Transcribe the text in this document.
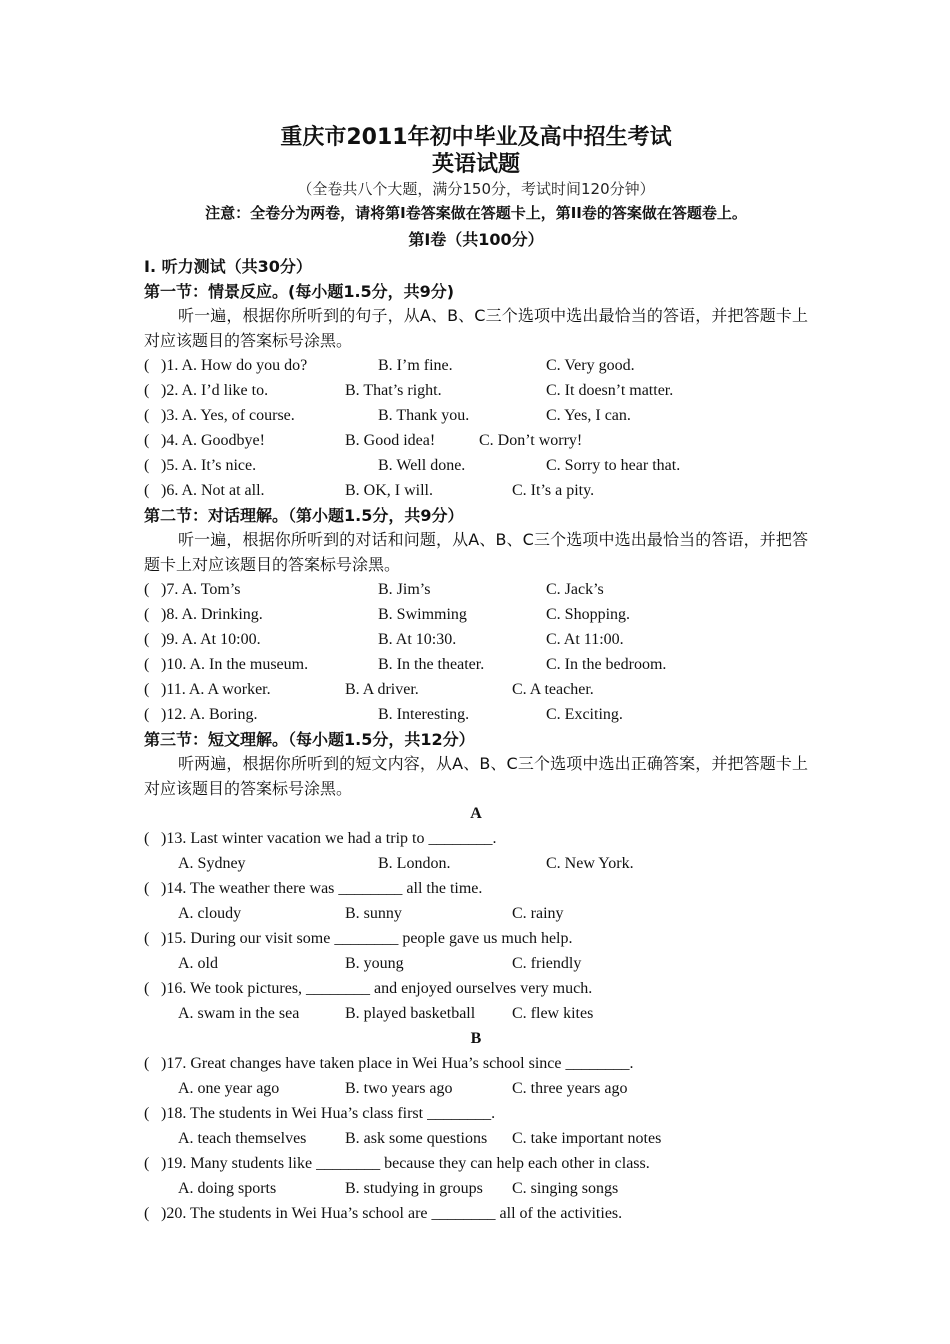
重庆市2011年初中毕业及高中招生考试
英语试题
（全卷共八个大题，满分150分，考试时间120分钟）
注意：全卷分为两卷，请将第I卷答案做在答题卡上，第II卷的答案做在答题卷上。
第I卷（共100分）
I. 听力测试（共30分）
第一节：情景反应。(每小题1.5分，共9分)
听一遍，根据你所听到的句子，从A、B、C三个选项中选出最恰当的答语，并把答题卡上对应该题目的答案标号涂黑。
( )1. A. How do you do?	B. I’m fine.	C. Very good.
( )2. A. I’d like to.	B. That’s right.	C. It doesn’t matter.
( )3. A. Yes, of course.	B. Thank you.	C. Yes, I can.
( )4. A. Goodbye!	B. Good idea!	C. Don’t worry!
( )5. A. It’s nice.	B. Well done.	C. Sorry to hear that.
( )6. A. Not at all.	B. OK, I will.	C. It’s a pity.
第二节：对话理解。（第小题1.5分，共9分）
听一遍，根据你所听到的对话和问题，从A、B、C三个选项中选出最恰当的答语，并把答题卡上对应该题目的答案标号涂黑。
( )7. A. Tom’s	B. Jim’s	C. Jack’s
( )8. A. Drinking.	B. Swimming	C. Shopping.
( )9. A. At 10:00.	B. At 10:30.	C. At 11:00.
( )10. A. In the museum.	B. In the theater.	C. In the bedroom.
( )11. A. A worker.	B. A driver.	C. A teacher.
( )12. A. Boring.	B. Interesting.	C. Exciting.
第三节：短文理解。（每小题1.5分，共12分）
听两遍，根据你所听到的短文内容，从A、B、C三个选项中选出正确答案，并把答题卡上对应该题目的答案标号涂黑。
A
( )13. Last winter vacation we had a trip to ________.
A. Sydney	B. London.	C. New York.
( )14. The weather there was ________ all the time.
A. cloudy	B. sunny	C. rainy
( )15. During our visit some ________ people gave us much help.
A. old	B. young	C. friendly
( )16. We took pictures, ________ and enjoyed ourselves very much.
A. swam in the sea	B. played basketball C. flew kites
B
( )17. Great changes have taken place in Wei Hua’s school since ________.
A. one year ago	B. two years ago	C. three years ago
( )18. The students in Wei Hua’s class first ________.
A. teach themselves B. ask some questions C. take important notes
( )19. Many students like ________ because they can help each other in class.
A. doing sports	B. studying in groups C. singing songs
( )20. The students in Wei Hua’s school are ________ all of the activities.
